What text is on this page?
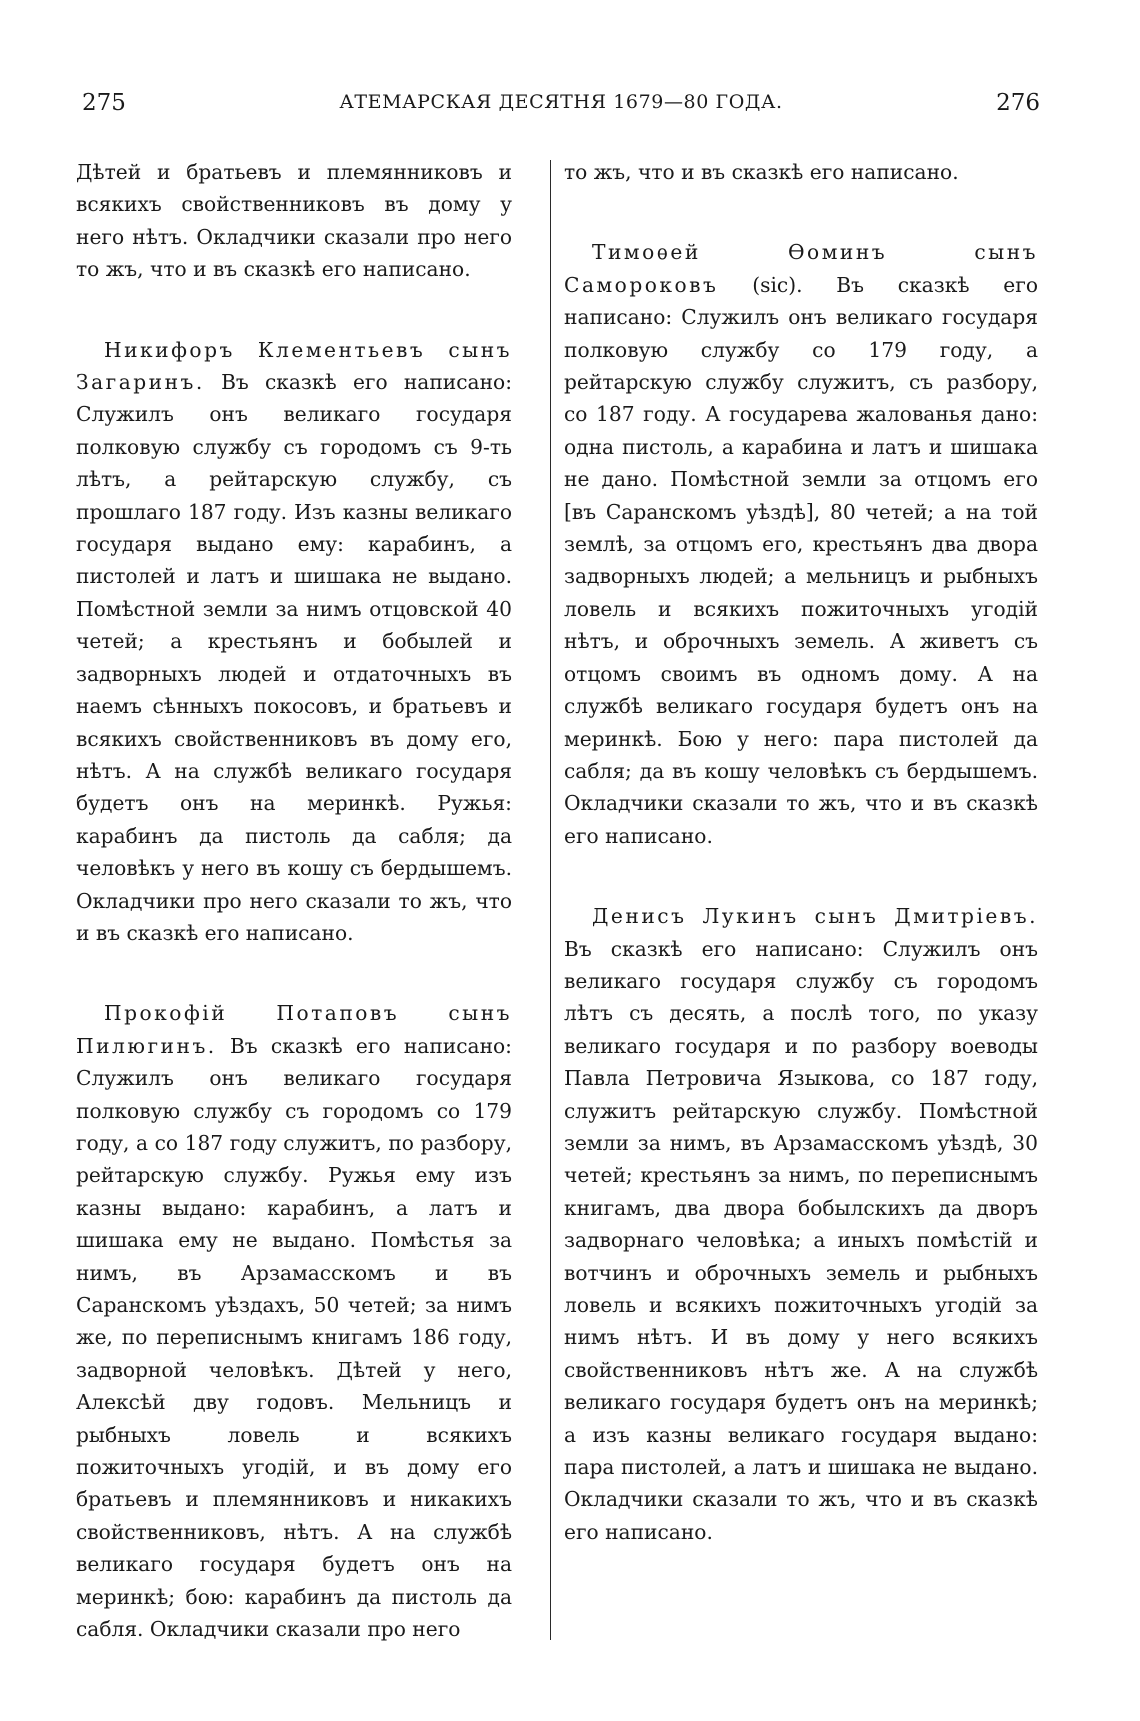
275	АТЕМАРСКАЯ ДЕСЯТНЯ 1679—80 ГОДА.	276

Дѣтей и братьевъ и племянниковъ и всякихъ свойственниковъ въ дому у него нѣтъ. Окладчики сказали про него то жъ, что и въ сказкѣ его написано.

Никифоръ Клементьевъ сынъ Загаринъ. Въ сказкѣ его написано: Служилъ онъ великаго государя полковую службу съ городомъ съ 9-ть лѣтъ, а рейтарскую службу, съ прошлаго 187 году. Изъ казны великаго государя выдано ему: карабинъ, а пистолей и латъ и шишака не выдано. Помѣстной земли за нимъ отцовской 40 четей; а крестьянъ и бобылей и задворныхъ людей и отдаточныхъ въ наемъ сѣнныхъ покосовъ, и братьевъ и всякихъ свойственниковъ въ дому его, нѣтъ. А на службѣ великаго государя будетъ онъ на меринкѣ. Ружья: карабинъ да пистоль да сабля; да человѣкъ у него въ кошу съ бердышемъ. Окладчики про него сказали то жъ, что и въ сказкѣ его написано.

Прокофій Потаповъ сынъ Пилюгинъ. Въ сказкѣ его написано: Служилъ онъ великаго государя полковую службу съ городомъ со 179 году, а со 187 году служитъ, по разбору, рейтарскую службу. Ружья ему изъ казны выдано: карабинъ, а латъ и шишака ему не выдано. Помѣстья за нимъ, въ Арзамасскомъ и въ Саранскомъ уѣздахъ, 50 четей; за нимъ же, по переписнымъ книгамъ 186 году, задворной человѣкъ. Дѣтей у него, Алексѣй дву годовъ. Мельницъ и рыбныхъ ловель и всякихъ пожиточныхъ угодій, и въ дому его братьевъ и племянниковъ и никакихъ свойственниковъ, нѣтъ. А на службѣ великаго государя будетъ онъ на меринкѣ; бою: карабинъ да пистоль да сабля. Окладчики сказали про него

то жъ, что и въ сказкѣ его написано.

Тимоѳей Ѳоминъ сынъ Самороковъ (sic). Въ сказкѣ его написано: Служилъ онъ великаго государя полковую службу со 179 году, а рейтарскую службу служитъ, съ разбору, со 187 году. А государева жалованья дано: одна пистоль, а карабина и латъ и шишака не дано. Помѣстной земли за отцомъ его [въ Саранскомъ уѣздѣ], 80 четей; а на той землѣ, за отцомъ его, крестьянъ два двора задворныхъ людей; а мельницъ и рыбныхъ ловель и всякихъ пожиточныхъ угодій нѣтъ, и оброчныхъ земель. А живетъ съ отцомъ своимъ въ одномъ дому. А на службѣ великаго государя будетъ онъ на меринкѣ. Бою у него: пара пистолей да сабля; да въ кошу человѣкъ съ бердышемъ. Окладчики сказали то жъ, что и въ сказкѣ его написано.

Денисъ Лукинъ сынъ Дмитріевъ. Въ сказкѣ его написано: Служилъ онъ великаго государя службу съ городомъ лѣтъ съ десять, а послѣ того, по указу великаго государя и по разбору воеводы Павла Петровича Языкова, со 187 году, служитъ рейтарскую службу. Помѣстной земли за нимъ, въ Арзамасскомъ уѣздѣ, 30 четей; крестьянъ за нимъ, по переписнымъ книгамъ, два двора бобылскихъ да дворъ задворнаго человѣка; а иныхъ помѣстій и вотчинъ и оброчныхъ земель и рыбныхъ ловель и всякихъ пожиточныхъ угодій за нимъ нѣтъ. И въ дому у него всякихъ свойственниковъ нѣтъ же. А на службѣ великаго государя будетъ онъ на меринкѣ; а изъ казны великаго государя выдано: пара пистолей, а латъ и шишака не выдано. Окладчики сказали то жъ, что и въ сказкѣ его написано.
